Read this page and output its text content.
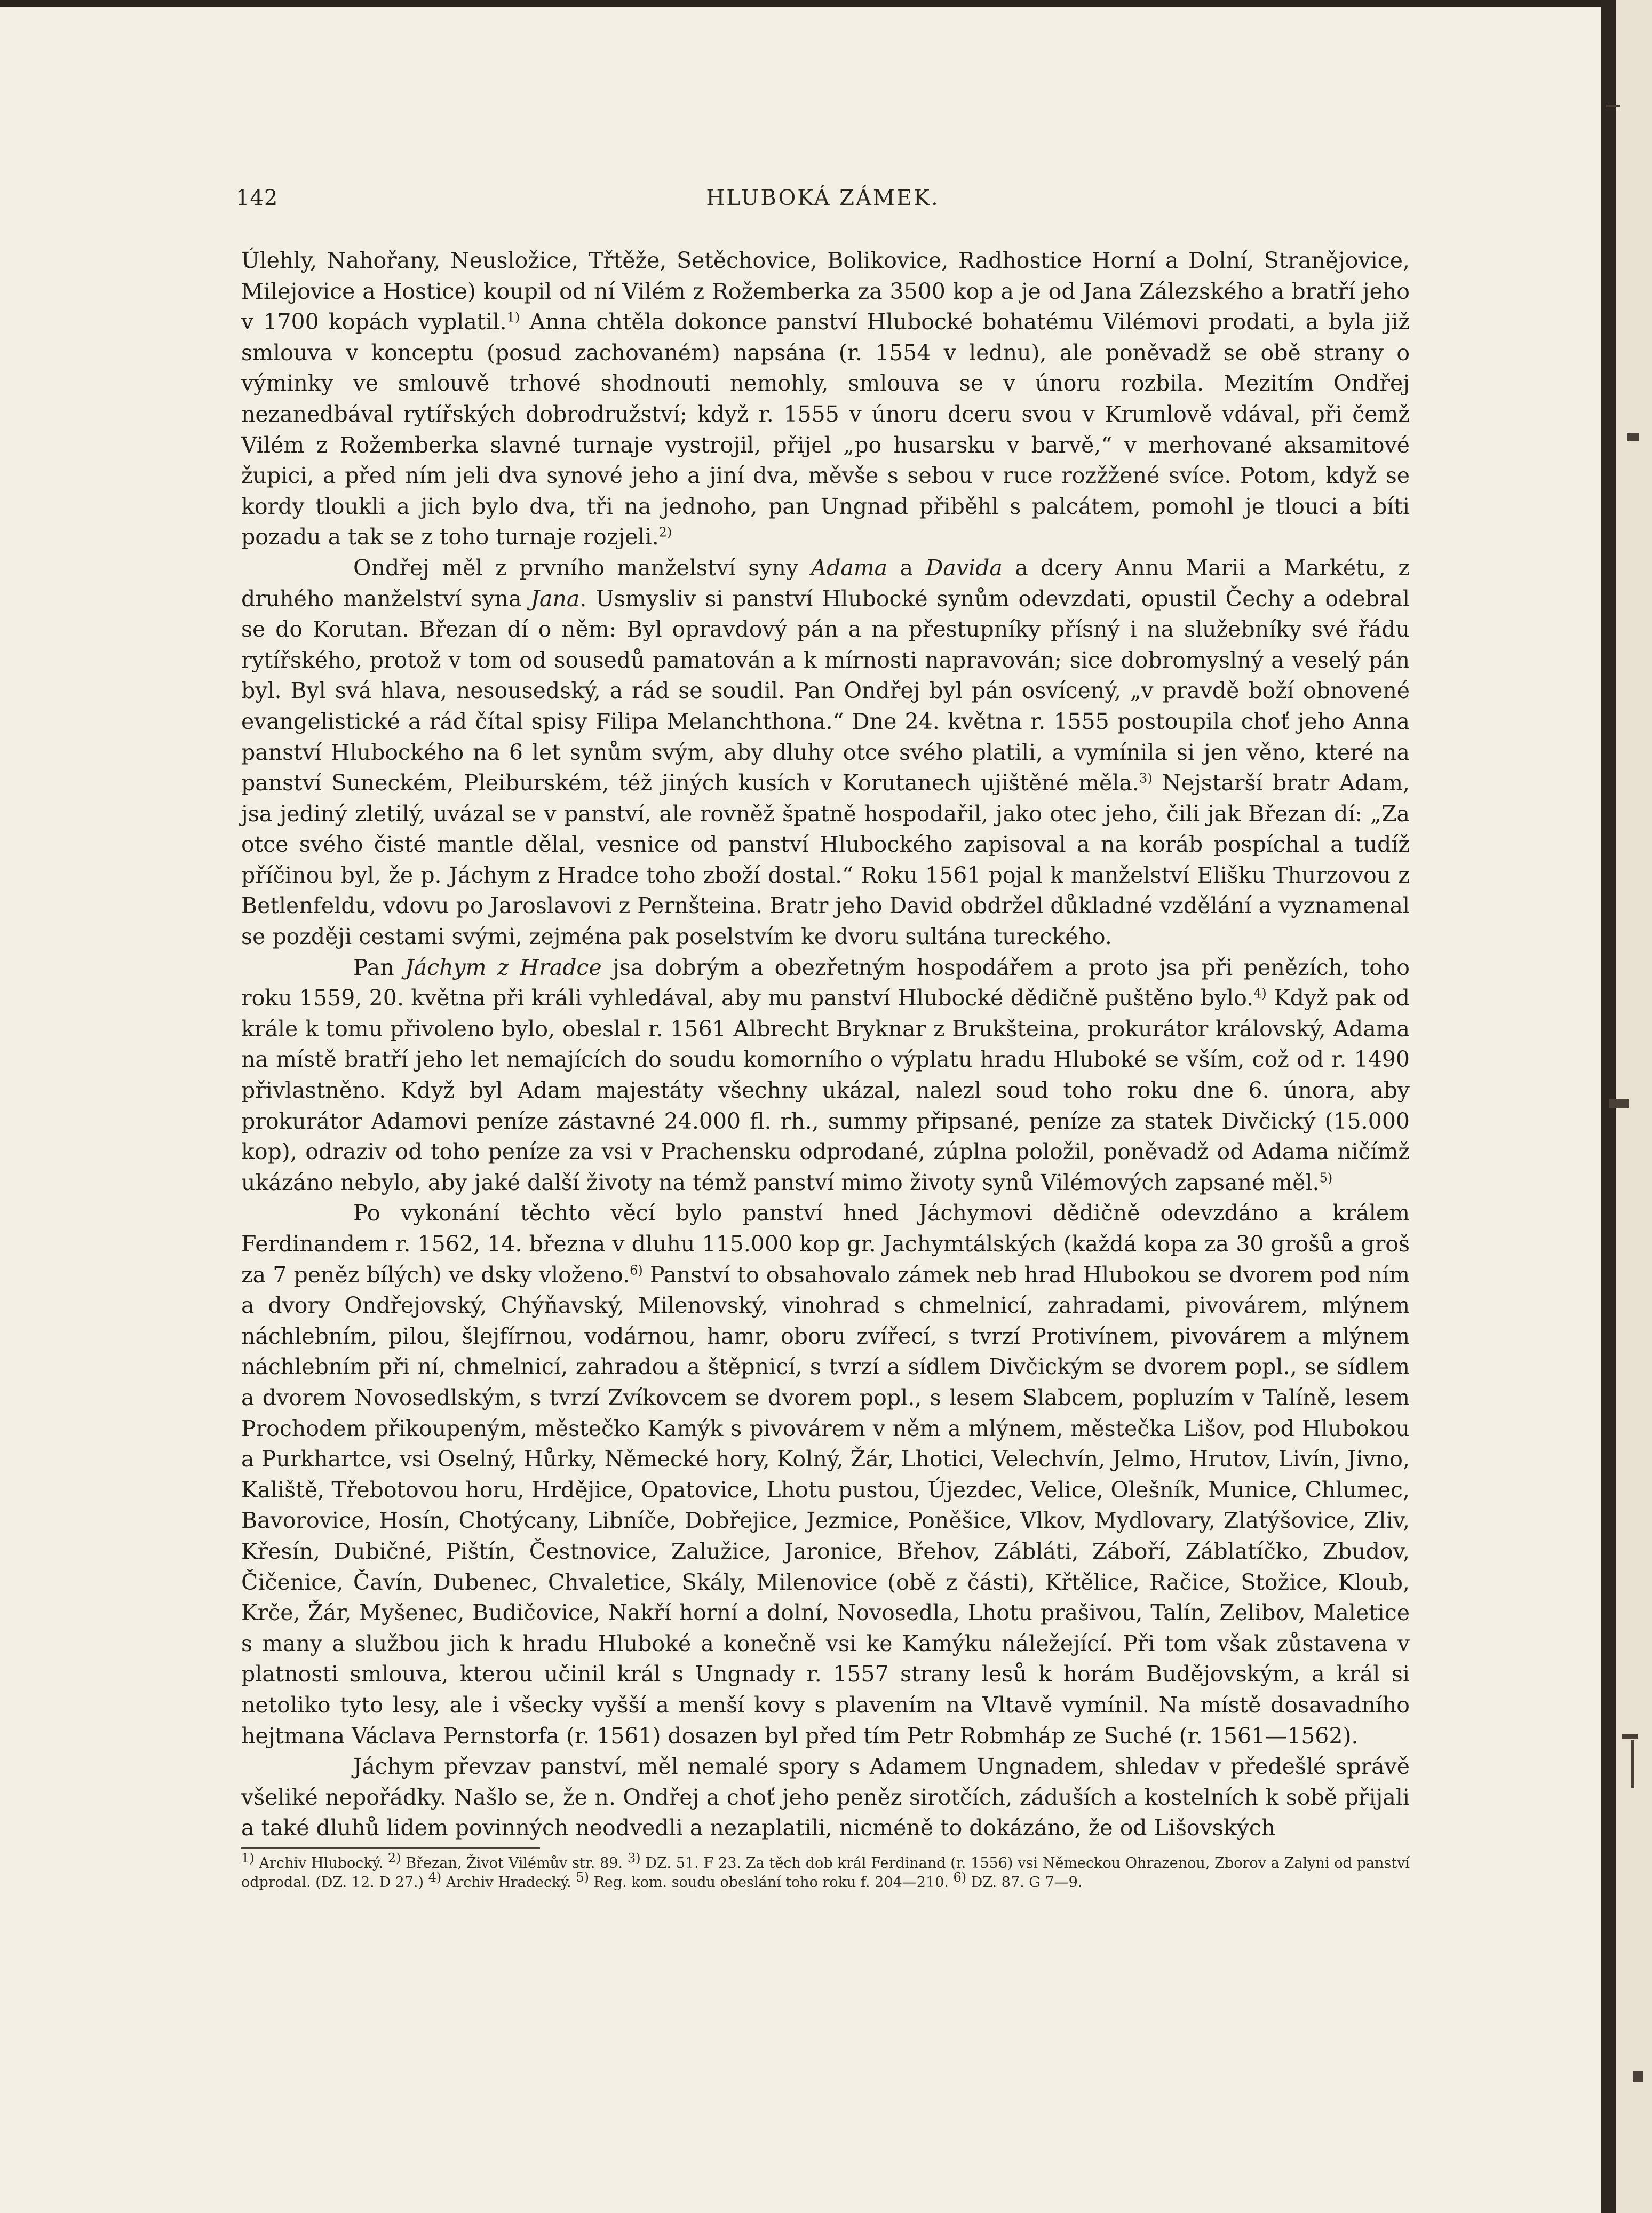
142	HLUBOKÁ ZÁMEK.

Úlehly, Nahořany, Neusložice, Třtěže, Setěchovice, Bolikovice, Radhostice Horní a Dolní, Stranějovice, Milejovice a Hostice) koupil od ní Vilém z Rožemberka za 3500 kop a je od Jana Zálezského a bratří jeho v 1700 kopách vyplatil.$^{1)}$ Anna chtěla dokonce panství Hlubocké bohatému Vilémovi prodati, a byla již smlouva v konceptu (posud zachovaném) napsána (r. 1554 v lednu), ale poněvadž se obě strany o výminky ve smlouvě trhové shodnouti nemohly, smlouva se v únoru rozbila. Mezitím Ondřej nezanedbával rytířských dobrodružství; když r. 1555 v únoru dceru svou v Krumlově vdával, při čemž Vilém z Rožemberka slavné turnaje vystrojil, přijel „po husarsku v barvě,“ v merhované aksamitové župici, a před ním jeli dva synové jeho a jiní dva, měvše s sebou v ruce rozžžené svíce. Potom, když se kordy tloukli a jich bylo dva, tři na jednoho, pan Ungnad přiběhl s palcátem, pomohl je tlouci a bíti pozadu a tak se z toho turnaje rozjeli.$^{2)}$

Ondřej měl z prvního manželství syny Adama a Davida a dcery Annu Marii a Markétu, z druhého manželství syna Jana. Usmysliv si panství Hlubocké synům odevzdati, opustil Čechy a odebral se do Korutan. Březan dí o něm: Byl opravdový pán a na přestupníky přísný i na služebníky své řádu rytířského, protož v tom od sousedů pamatován a k mírnosti napravován; sice dobromyslný a veselý pán byl. Byl svá hlava, nesousedský, a rád se soudil. Pan Ondřej byl pán osvícený, „v pravdě boží obnovené evangelistické a rád čítal spisy Filipa Melanchthona.“ Dne 24. května r. 1555 postoupila choť jeho Anna panství Hlubockého na 6 let synům svým, aby dluhy otce svého platili, a vymínila si jen věno, které na panství Suneckém, Pleiburském, též jiných kusích v Korutanech ujištěné měla.$^{3)}$ Nejstarší bratr Adam, jsa jediný zletilý, uvázal se v panství, ale rovněž špatně hospodařil, jako otec jeho, čili jak Březan dí: „Za otce svého čisté mantle dělal, vesnice od panství Hlubockého zapisoval a na koráb pospíchal a tudíž příčinou byl, že p. Jáchym z Hradce toho zboží dostal.“ Roku 1561 pojal k manželství Elišku Thurzovou z Betlenfeldu, vdovu po Jaroslavovi z Pernšteina. Bratr jeho David obdržel důkladné vzdělání a vyznamenal se později cestami svými, zejména pak poselstvím ke dvoru sultána tureckého.

Pan Jáchym z Hradce jsa dobrým a obezřetným hospodářem a proto jsa při penězích, toho roku 1559, 20. května při králi vyhledával, aby mu panství Hlubocké dědičně puštěno bylo.$^{4)}$ Když pak od krále k tomu přivoleno bylo, obeslal r. 1561 Albrecht Bryknar z Brukšteina, prokurátor královský, Adama na místě bratří jeho let nemajících do soudu komorního o výplatu hradu Hluboké se vším, což od r. 1490 přivlastněno. Když byl Adam majestáty všechny ukázal, nalezl soud toho roku dne 6. února, aby prokurátor Adamovi peníze zástavné 24.000 fl. rh., summy připsané, peníze za statek Divčický (15.000 kop), odraziv od toho peníze za vsi v Prachensku odprodané, zúplna položil, poněvadž od Adama ničímž ukázáno nebylo, aby jaké další životy na témž panství mimo životy synů Vilémových zapsané měl.$^{5)}$

Po vykonání těchto věcí bylo panství hned Jáchymovi dědičně odevzdáno a králem Ferdinandem r. 1562, 14. března v dluhu 115.000 kop gr. Jachymtálských (každá kopa za 30 grošů a groš za 7 peněz bílých) ve dsky vloženo.$^{6)}$ Panství to obsahovalo zámek neb hrad Hlubokou se dvorem pod ním a dvory Ondřejovský, Chýňavský, Milenovský, vinohrad s chmelnicí, zahradami, pivovárem, mlýnem náchlebním, pilou, šlejfírnou, vodárnou, hamr, oboru zvířecí, s tvrzí Protivínem, pivovárem a mlýnem náchlebním při ní, chmelnicí, zahradou a štěpnicí, s tvrzí a sídlem Divčickým se dvorem popl., se sídlem a dvorem Novosedlským, s tvrzí Zvíkovcem se dvorem popl., s lesem Slabcem, popluzím v Talíně, lesem Prochodem přikoupeným, městečko Kamýk s pivovárem v něm a mlýnem, městečka Lišov, pod Hlubokou a Purkhartce, vsi Oselný, Hůrky, Německé hory, Kolný, Žár, Lhotici, Velechvín, Jelmo, Hrutov, Livín, Jivno, Kaliště, Třebotovou horu, Hrdějice, Opatovice, Lhotu pustou, Újezdec, Velice, Olešník, Munice, Chlumec, Bavorovice, Hosín, Chotýcany, Libníče, Dobřejice, Jezmice, Poněšice, Vlkov, Mydlovary, Zlatýšovice, Zliv, Křesín, Dubičné, Pištín, Čestnovice, Zalužice, Jaronice, Břehov, Zábláti, Záboří, Záblatíčko, Zbudov, Čičenice, Čavín, Dubenec, Chvaletice, Skály, Milenovice (obě z části), Křtělice, Račice, Stožice, Kloub, Krče, Žár, Myšenec, Budičovice, Nakří horní a dolní, Novosedla, Lhotu prašivou, Talín, Zelibov, Maletice s many a službou jich k hradu Hluboké a konečně vsi ke Kamýku náležející. Při tom však zůstavena v platnosti smlouva, kterou učinil král s Ungnady r. 1557 strany lesů k horám Budějovským, a král si netoliko tyto lesy, ale i všecky vyšší a menší kovy s plavením na Vltavě vymínil. Na místě dosavadního hejtmana Václava Pernstorfa (r. 1561) dosazen byl před tím Petr Robmháp ze Suché (r. 1561—1562).

Jáchym převzav panství, měl nemalé spory s Adamem Ungnadem, shledav v předešlé správě všeliké nepořádky. Našlo se, že n. Ondřej a choť jeho peněz sirotčích, záduších a kostelních k sobě přijali a také dluhů lidem povinných neodvedli a nezaplatili, nicméně to dokázáno, že od Lišovských

$^{1)}$ Archiv Hlubocký. $^{2)}$ Březan, Život Vilémův str. 89. $^{3)}$ DZ. 51. F 23. Za těch dob král Ferdinand (r. 1556) vsi Německou Ohrazenou, Zborov a Zalyni od panství odprodal. (DZ. 12. D 27.) $^{4)}$ Archiv Hradecký. $^{5)}$ Reg. kom. soudu obeslání toho roku f. 204—210. $^{6)}$ DZ. 87. G 7—9.
